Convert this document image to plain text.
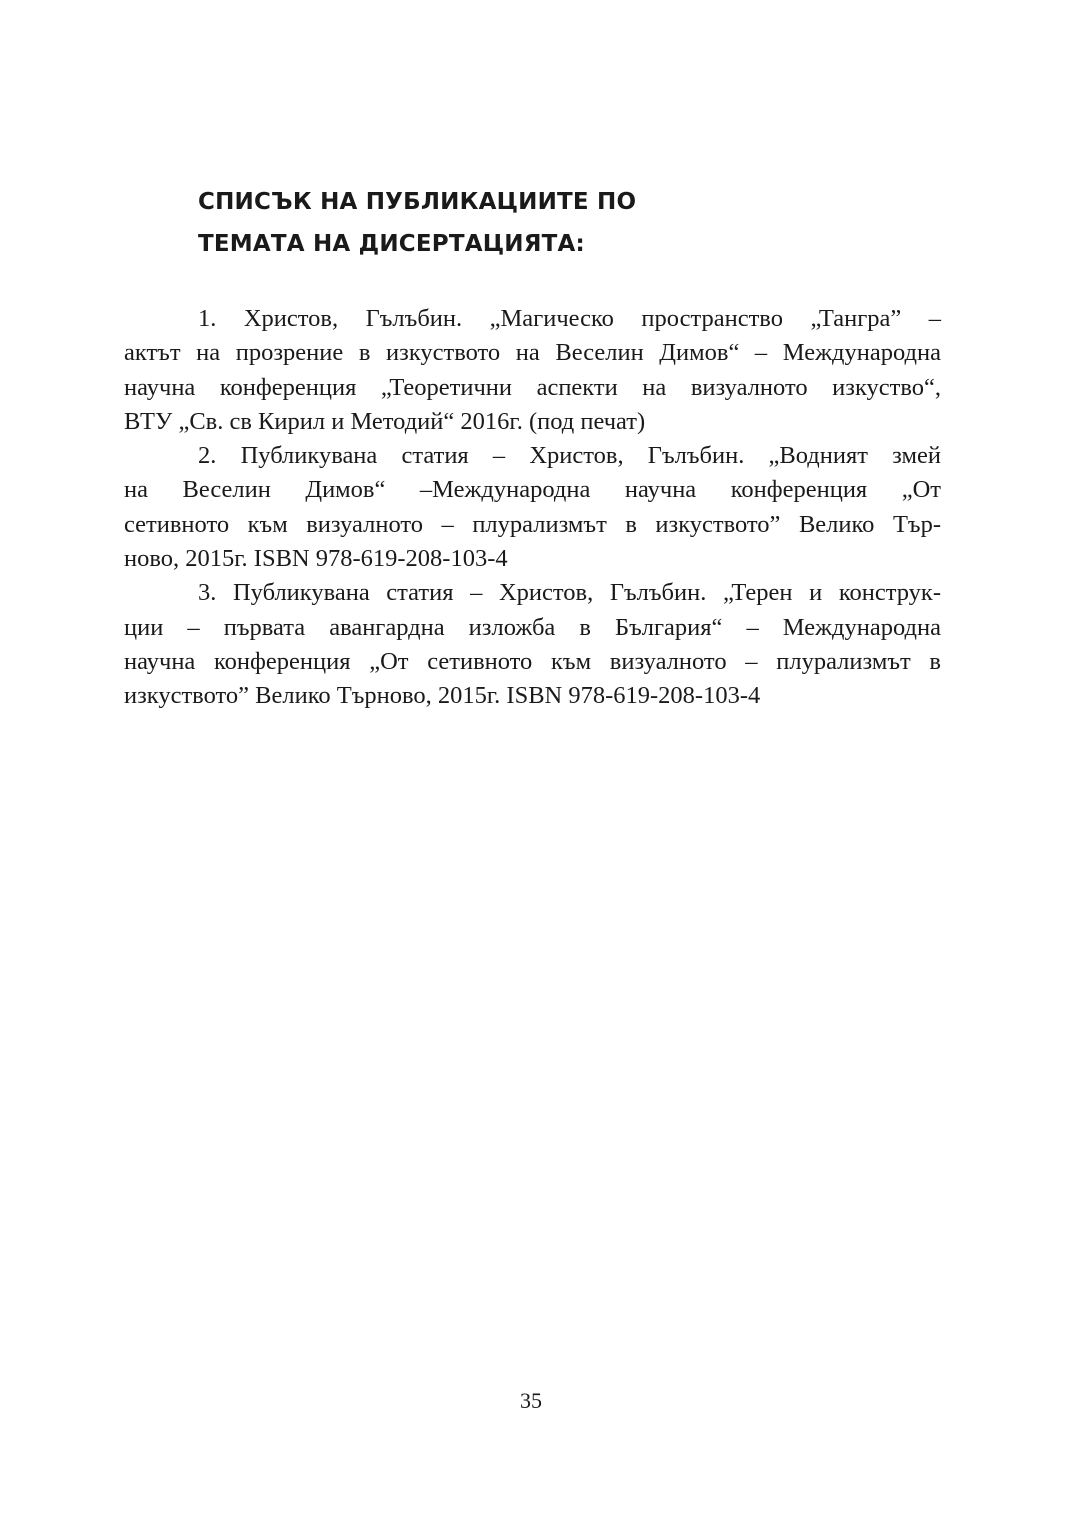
СПИСЪК НА ПУБЛИКАЦИИТЕ ПО
ТЕМАТА НА ДИСЕРТАЦИЯТА:

1. Христов, Гълъбин. „Магическо пространство „Тангра” –
актът на прозрение в изкуството на Веселин Димов“ – Международна
научна конференция „Теоретични аспекти на визуалното изкуство“,
ВТУ „Св. св Кирил и Методий“ 2016г. (под печат)

2. Публикувана статия – Христов, Гълъбин. „Водният змей
на Веселин Димов“ –Международна научна конференция „От
сетивното към визуалното – плурализмът в изкуството” Велико Тър-
ново, 2015г. ISBN 978-619-208-103-4

3. Публикувана статия – Христов, Гълъбин. „Терен и конструк-
ции – първата авангардна изложба в България“ – Международна
научна конференция „От сетивното към визуалното – плурализмът в
изкуството” Велико Търново, 2015г. ISBN 978-619-208-103-4

35
